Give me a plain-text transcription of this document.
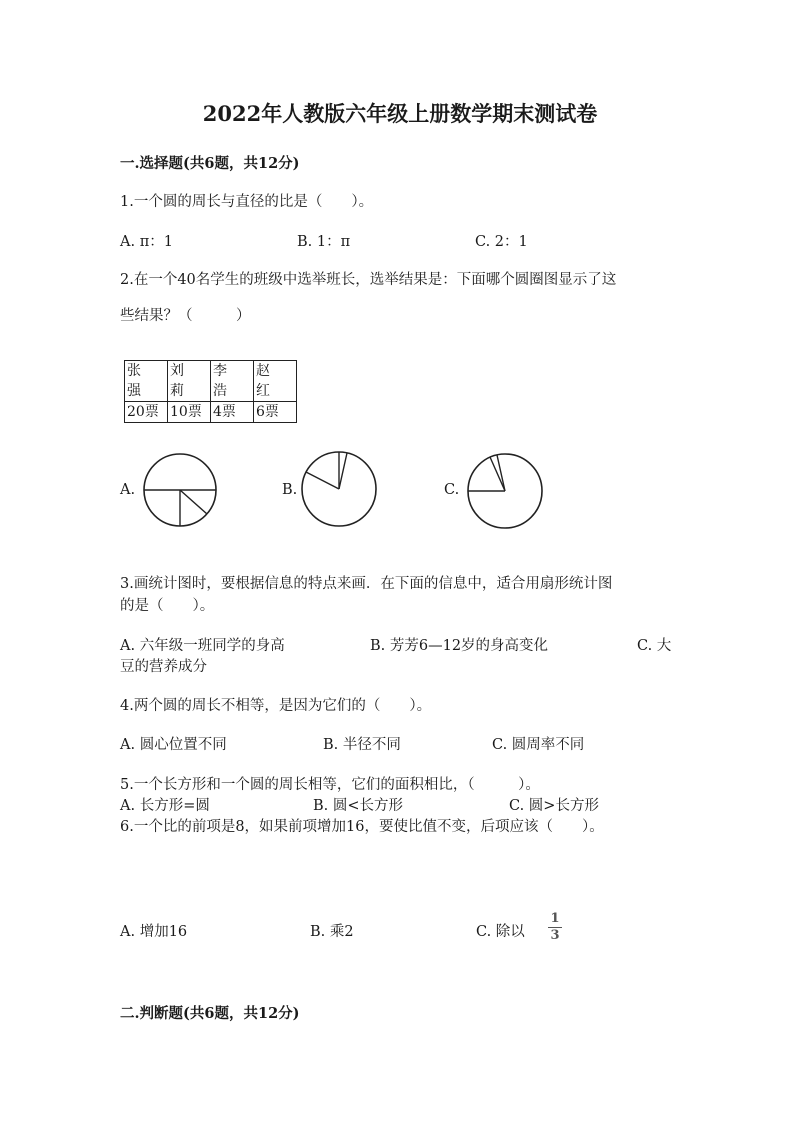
2022年人教版六年级上册数学期末测试卷
一.选择题(共6题，共12分)
1.一个圆的周长与直径的比是（　　）。
A. π：1	B. 1：π	C. 2：1
2.在一个40名学生的班级中选举班长，选举结果是：下面哪个圆圈图显示了这
些结果？（　　　）
张 强	刘 莉	李 浩	赵 红
20票	10票	4票	6票
A.	B.	C.
3.画统计图时，要根据信息的特点来画．在下面的信息中，适合用扇形统计图
的是（　　）。
A. 六年级一班同学的身高	B. 芳芳6—12岁的身高变化	C. 大
豆的营养成分
4.两个圆的周长不相等，是因为它们的（　　）。
A. 圆心位置不同	B. 半径不同	C. 圆周率不同
5.一个长方形和一个圆的周长相等，它们的面积相比，（　　　）。
A. 长方形=圆	B. 圆<长方形	C. 圆>长方形
6.一个比的前项是8，如果前项增加16，要使比值不变，后项应该（　　）。
A. 增加16	B. 乘2	C. 除以
1
3
二.判断题(共6题，共12分)
